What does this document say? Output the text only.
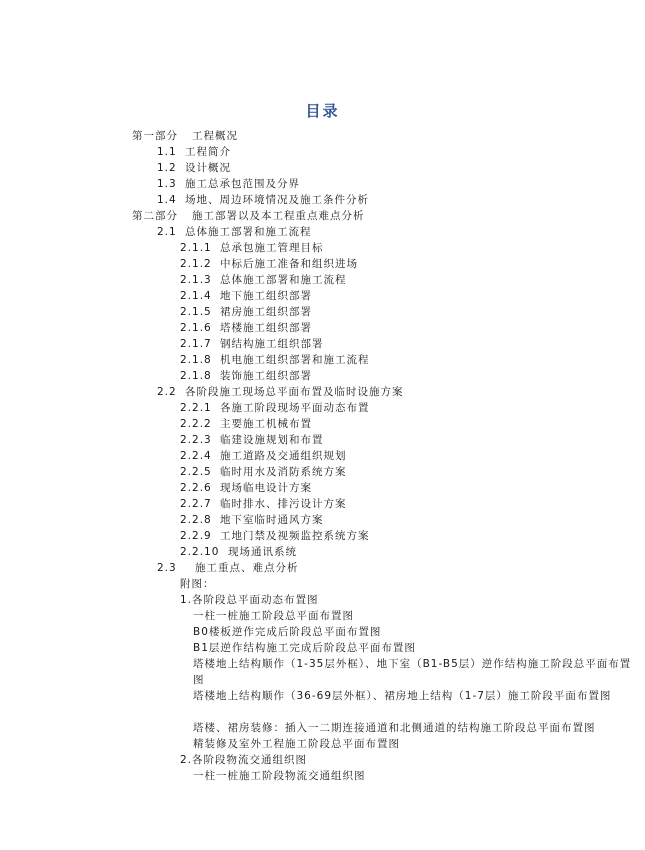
目录
第一部分 工程概况
1.1 工程简介
1.2 设计概况
1.3 施工总承包范围及分界
1.4 场地、周边环境情况及施工条件分析
第二部分 施工部署以及本工程重点难点分析
2.1 总体施工部署和施工流程
2.1.1 总承包施工管理目标
2.1.2 中标后施工准备和组织进场
2.1.3 总体施工部署和施工流程
2.1.4 地下施工组织部署
2.1.5 裙房施工组织部署
2.1.6 塔楼施工组织部署
2.1.7 钢结构施工组织部署
2.1.8 机电施工组织部署和施工流程
2.1.8 装饰施工组织部署
2.2 各阶段施工现场总平面布置及临时设施方案
2.2.1 各施工阶段现场平面动态布置
2.2.2 主要施工机械布置
2.2.3 临建设施规划和布置
2.2.4 施工道路及交通组织规划
2.2.5 临时用水及消防系统方案
2.2.6 现场临电设计方案
2.2.7 临时排水、排污设计方案
2.2.8 地下室临时通风方案
2.2.9 工地门禁及视频监控系统方案
2.2.10 现场通讯系统
2.3 施工重点、难点分析
附图：
1.各阶段总平面动态布置图
一柱一桩施工阶段总平面布置图
B0楼板逆作完成后阶段总平面布置图
B1层逆作结构施工完成后阶段总平面布置图
塔楼地上结构顺作（1-35层外框）、地下室（B1-B5层）逆作结构施工阶段总平面布置图
塔楼地上结构顺作（36-69层外框）、裙房地上结构（1-7层）施工阶段平面布置图
塔楼、裙房装修：插入一二期连接通道和北侧通道的结构施工阶段总平面布置图
精装修及室外工程施工阶段总平面布置图
2.各阶段物流交通组织图
一柱一桩施工阶段物流交通组织图
